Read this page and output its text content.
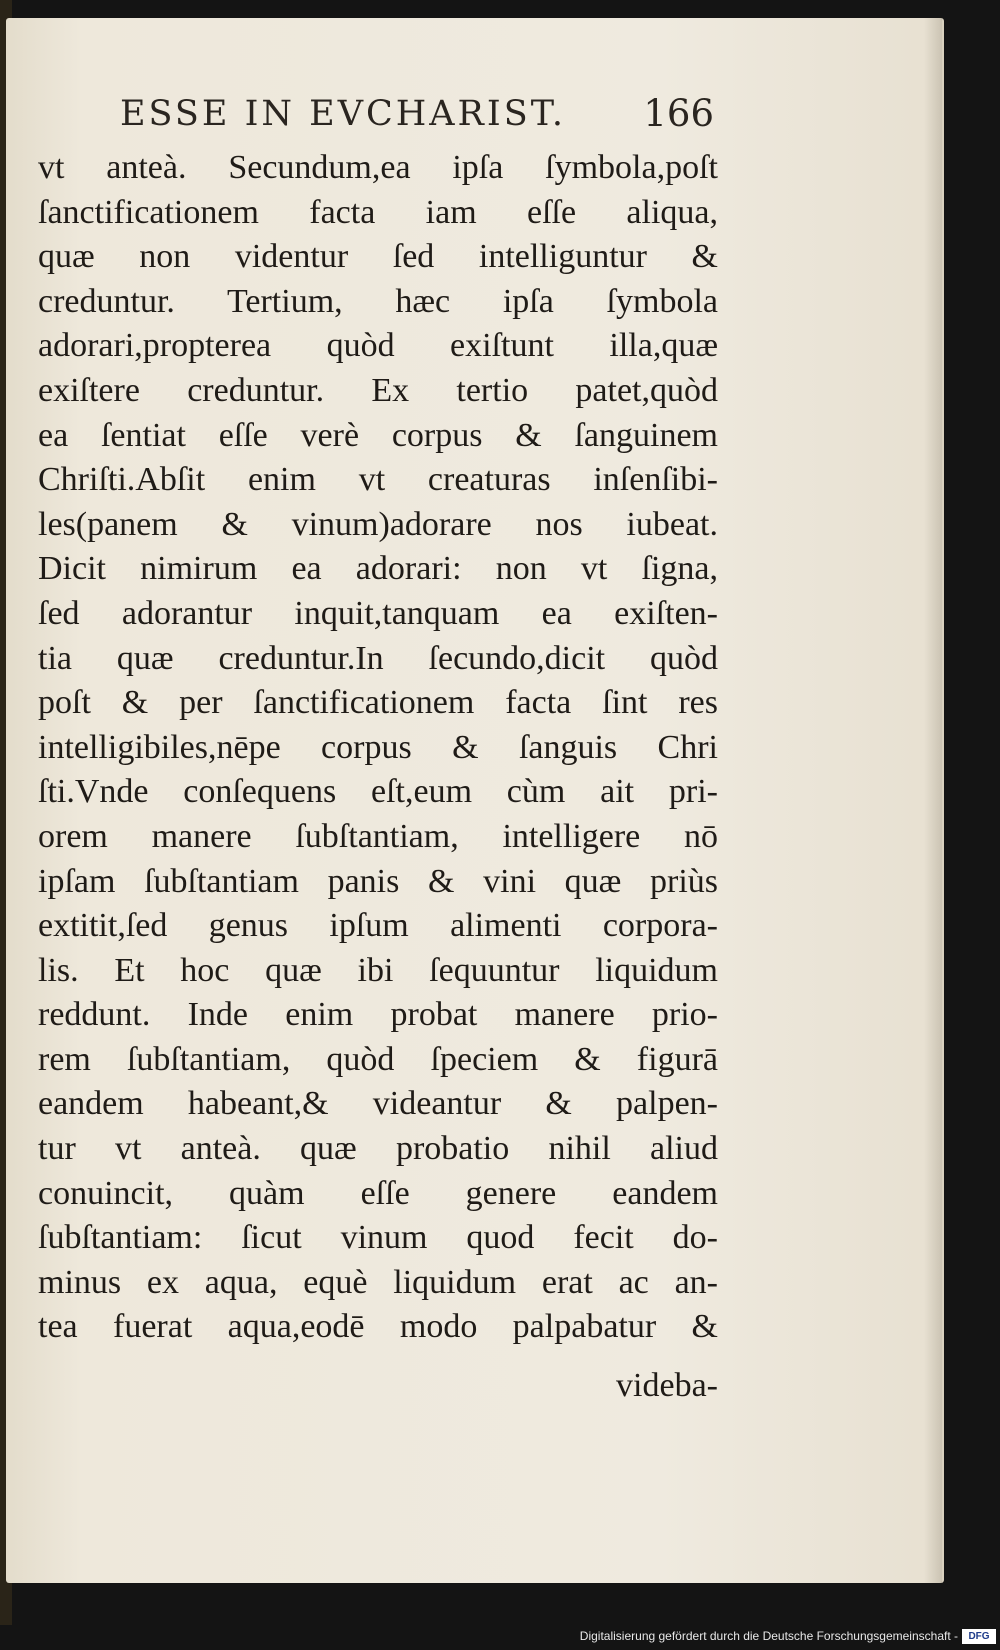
ESSE IN EVCHARIST. 166
vt anteà. Secundum,ea ipſa ſymbola,poſt
ſanctificationem facta iam eſſe aliqua,
quæ non videntur ſed intelliguntur &
creduntur. Tertium, hæc ipſa ſymbola
adorari,propterea quòd exiſtunt illa,quæ
exiſtere creduntur. Ex tertio patet,quòd
ea ſentiat eſſe verè corpus & ſanguinem
Chriſti.Abſit enim vt creaturas inſenſibi-
les(panem & vinum)adorare nos iubeat.
Dicit nimirum ea adorari: non vt ſigna,
ſed adorantur inquit,tanquam ea exiſten-
tia quæ creduntur.In ſecundo,dicit quòd
poſt & per ſanctificationem facta ſint res
intelligibiles,nēpe corpus & ſanguis Chri
ſti.Vnde conſequens eſt,eum cùm ait pri-
orem manere ſubſtantiam, intelligere nō
ipſam ſubſtantiam panis & vini quæ priùs
extitit,ſed genus ipſum alimenti corpora-
lis. Et hoc quæ ibi ſequuntur liquidum
reddunt. Inde enim probat manere prio-
rem ſubſtantiam, quòd ſpeciem & figurā
eandem habeant,& videantur & palpen-
tur vt anteà. quæ probatio nihil aliud
conuincit, quàm eſſe genere eandem
ſubſtantiam: ſicut vinum quod fecit do-
minus ex aqua, equè liquidum erat ac an-
tea fuerat aqua,eodē modo palpabatur &
videba-
Digitalisierung gefördert durch die Deutsche Forschungsgemeinschaft -	DFG
